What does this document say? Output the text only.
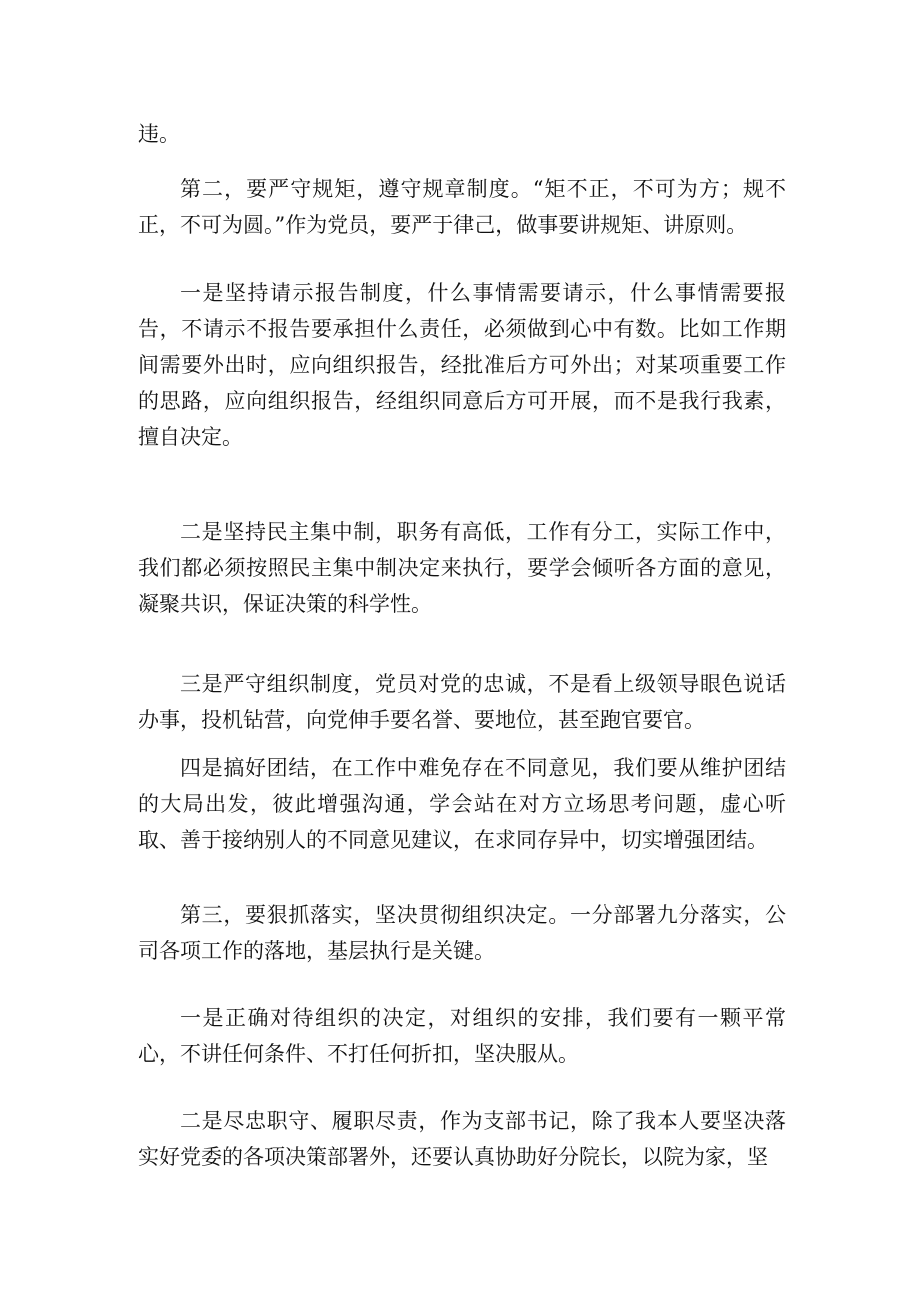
违。

第二，要严守规矩，遵守规章制度。“矩不正，不可为方；规不正，不可为圆。”作为党员，要严于律己，做事要讲规矩、讲原则。

一是坚持请示报告制度，什么事情需要请示，什么事情需要报告，不请示不报告要承担什么责任，必须做到心中有数。比如工作期间需要外出时，应向组织报告，经批准后方可外出；对某项重要工作的思路，应向组织报告，经组织同意后方可开展，而不是我行我素，擅自决定。

二是坚持民主集中制，职务有高低，工作有分工，实际工作中，我们都必须按照民主集中制决定来执行，要学会倾听各方面的意见，凝聚共识，保证决策的科学性。

三是严守组织制度，党员对党的忠诚，不是看上级领导眼色说话办事，投机钻营，向党伸手要名誉、要地位，甚至跑官要官。

四是搞好团结，在工作中难免存在不同意见，我们要从维护团结的大局出发，彼此增强沟通，学会站在对方立场思考问题，虚心听取、善于接纳别人的不同意见建议，在求同存异中，切实增强团结。

第三，要狠抓落实，坚决贯彻组织决定。一分部署九分落实，公司各项工作的落地，基层执行是关键。

一是正确对待组织的决定，对组织的安排，我们要有一颗平常心，不讲任何条件、不打任何折扣，坚决服从。

二是尽忠职守、履职尽责，作为支部书记，除了我本人要坚决落实好党委的各项决策部署外，还要认真协助好分院长，以院为家，坚
